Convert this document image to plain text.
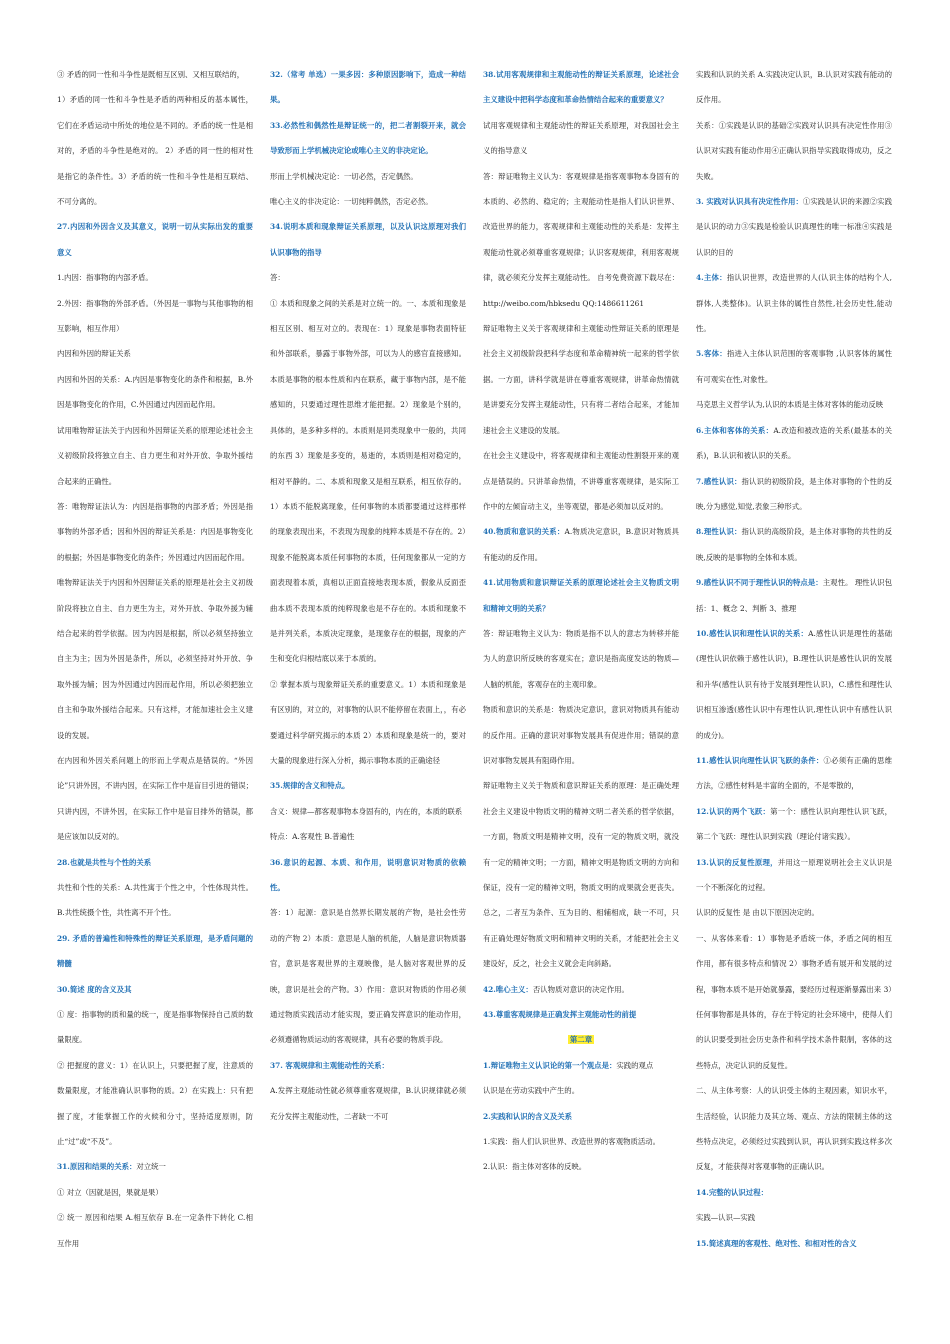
③ 矛盾的同一性和斗争性是既相互区别、又相互联结的，

1）矛盾的同一性和斗争性是矛盾的两种相反的基本属性，它们在矛盾运动中所处的地位是不同的。矛盾的统一性是相对的，矛盾的斗争性是绝对的。 2）矛盾的同一性的相对性是指它的条件性。3）矛盾的统一性和斗争性是相互联结、不可分离的。

27.内因和外因含义及其意义，说明一切从实际出发的重要意义

1.内因：指事物的内部矛盾。

2.外因：指事物的外部矛盾。（外因是一事物与其他事物的相互影响，相互作用）

内因和外因的辩证关系

内因和外因的关系：A.内因是事物变化的条件和根据，B.外因是事物变化的作用，C.外因通过内因而起作用。

试用唯物辩证法关于内因和外因辩证关系的原理论述社会主义初级阶段将独立自主、自力更生和对外开放、争取外援结合起来的正确性。

答：唯物辩证法认为：内因是指事物的内部矛盾；外因是指事物的外部矛盾；因和外因的辩证关系是：内因是事物变化的根据；外因是事物变化的条件；外因通过内因而起作用。

唯物辩证法关于内因和外因辩证关系的原理是社会主义初级阶段将独立自主、自力更生为主，对外开放、争取外援为辅结合起来的哲学依据。因为内因是根据，所以必须坚持独立自主为主；因为外因是条件，所以，必须坚持对外开放、争取外援为辅；因为外因通过内因而起作用，所以必须把独立自主和争取外援结合起来。只有这样，才能加速社会主义建设的发展。

在内因和外因关系问题上的形而上学观点是错误的。“外因论”只讲外因，不讲内因，在实际工作中是盲目引进的错误；只讲内因，不讲外因，在实际工作中是盲目排外的错误，都是应该加以反对的。

28.也就是共性与个性的关系

共性和个性的关系：A.共性寓于个性之中，个性体现共性。B.共性统摄个性，共性离不开个性。

29. 矛盾的普遍性和特殊性的辩证关系原理，是矛盾问题的精髓

30.简述 度的含义及其

① 度：指事物的质和量的统一，度是指事物保持自己质的数量限度。

② 把握度的意义：1）在认识上，只要把握了度，注意质的数量限度，才能准确认识事物的质。2）在实践上：只有把握了度，才能掌握工作的火候和分寸，坚持适度原则，防止“过”或“不及”。

31.原因和结果的关系：对立统一

① 对立（因就是因，果就是果）

② 统一 原因和结果 A.相互依存 B.在一定条件下转化 C.相互作用

32.（常考 单选）一果多因：多种原因影响下，造成一种结果。

33.必然性和偶然性是辩证统一的，把二者割裂开来，就会导致形而上学机械决定论或唯心主义的非决定论。

形而上学机械决定论：一切必然，否定偶然。

唯心主义的非决定论：一切纯粹偶然，否定必然。

34.说明本质和现象辩证关系原理，以及认识这原理对我们认识事物的指导

答：

① 本质和现象之间的关系是对立统一的。一、本质和现象是相互区别、相互对立的。表现在：1）现象是事物表面特征和外部联系，暴露于事物外部，可以为人的感官直接感知。本质是事物的根本性质和内在联系，藏于事物内部，是不能感知的，只要通过理性思维才能把握。2）现象是个别的，具体的，是多种多样的。本质则是同类现象中一般的，共同的东西 3）现象是多变的，易逝的，本质则是相对稳定的，相对平静的。二、本质和现象又是相互联系，相互依存的。1）本质不能脱离现象，任何事物的本质都要通过这样那样的现象表现出来，不表现为现象的纯粹本质是不存在的。2）现象不能脱离本质任何事物的本质，任何现象都从一定的方面表现着本质，真相以正面直接地表现本质，假象从反面歪曲本质不表现本质的纯粹现象也是不存在的。本质和现象不是并列关系，本质决定现象，是现象存在的根据，现象的产生和变化归根结底以来于本质的。

② 掌握本质与现象辩证关系的重要意义。1）本质和现象是有区别的，对立的，对事物的认识不能停留在表面上，，有必要通过科学研究揭示的本质 2）本质和现象是统一的，要对大量的现象进行深入分析，揭示事物本质的正确途径

35.规律的含义和特点。

含义：规律—都客观事物本身固有的，内在的，本质的联系

特点：A.客观性 B.普遍性

36.意识的起源、本质、和作用，说明意识对物质的依赖性。

答：1）起源：意识是自然界长期发展的产物，是社会性劳动的产物 2）本质：意思是人脑的机能，人脑是意识物质器官，意识是客观世界的主观映像，是人脑对客观世界的反映，意识是社会的产物。3）作用：意识对物质的作用必须通过物质实践活动才能实现，要正确发挥意识的能动作用，必须遵循物质运动的客观规律，具有必要的物质手段。

37. 客观规律和主观能动性的关系：

A.发挥主观能动性就必须尊重客观规律，B.认识规律就必须充分发挥主观能动性，二者缺一不可

38.试用客观规律和主观能动性的辩证关系原理，论述社会主义建设中把科学态度和革命热情结合起来的重要意义？

试用客观规律和主观能动性的辩证关系原理，对我国社会主义的指导意义

答：辩证唯物主义认为：客观规律是指客观事物本身固有的本质的、必然的、稳定的；主观能动性是指人们认识世界、改造世界的能力，客观规律和主观能动性的关系是：发挥主观能动性就必须尊重客观规律；认识客观规律，利用客观规律，就必须充分发挥主观能动性。 自考免费资源下载尽在：http://weibo.com/hbksedu QQ:1486611261

辩证唯物主义关于客观规律和主观能动性辩证关系的原理是社会主义初级阶段把科学态度和革命精神统一起来的哲学依据。一方面，讲科学就是讲在尊重客观规律，讲革命热情就是讲要充分发挥主观能动性，只有将二者结合起来，才能加速社会主义建设的发展。

在社会主义建设中，将客观规律和主观能动性割裂开来的观点是错误的。只讲革命热情，不讲尊重客观规律，是实际工作中的左倾盲动主义，坐等观望，都是必须加以反对的。

40.物质和意识的关系：A.物质决定意识，B.意识对物质具有能动的反作用。

41.试用物质和意识辩证关系的原理论述社会主义物质文明和精神文明的关系？

答：辩证唯物主义认为：物质是指不以人的意志为转移并能为人的意识所反映的客观实在；意识是指高度发达的物质—人脑的机能，客观存在的主观印象。

物质和意识的关系是：物质决定意识，意识对物质具有能动的反作用。正确的意识对事物发展具有促进作用；错误的意识对事物发展具有阻碍作用。

辩证唯物主义关于物质和意识辩证关系的原理：是正确处理社会主义建设中物质文明的精神文明二者关系的哲学依据，一方面，物质文明是精神文明，没有一定的物质文明，就没有一定的精神文明；一方面，精神文明是物质文明的方向和保证，没有一定的精神文明，物质文明的成果就会更丧失。总之，二者互为条件、互为目的、相辅相成，缺一不可，只有正确处理好物质文明和精神文明的关系，才能把社会主义建设好，反之，社会主义就会走向斜路。

42.唯心主义：否认物质对意识的决定作用。

43.尊重客观规律是正确发挥主观能动性的前提

第二章

1.辩证唯物主义认识论的第一个观点是：实践的观点

认识是在劳动实践中产生的。

2.实践和认识的含义及关系

1.实践：指人们认识世界、改造世界的客观物质活动。

2.认识：指主体对客体的反映。

实践和认识的关系 A.实践决定认识，B.认识对实践有能动的反作用。

关系：①实践是认识的基础②实践对认识具有决定性作用③认识对实践有能动作用④正确认识指导实践取得成功，反之失败。

3. 实践对认识具有决定性作用：①实践是认识的来源②实践是认识的动力③实践是检验认识真理性的唯一标准④实践是认识的目的

4.主体：指认识世界，改造世界的人(认识主体的结构个人,群体,人类整体)。认识主体的属性自然性,社会历史性,能动性。

5.客体：指进入主体认识范围的客观事物 ,认识客体的属性有可观实在性,对象性。

马克思主义哲学认为,认识的本质是主体对客体的能动反映

6.主体和客体的关系：A.改造和被改造的关系(最基本的关系)，B.认识和被认识的关系。

7.感性认识：指认识的初级阶段，是主体对事物的个性的反映,分为感觉,知觉,表象三种形式。

8.理性认识：指认识的高级阶段，是主体对事物的共性的反映,反映的是事物的全体和本质。

9.感性认识不同于理性认识的特点是：主观性。 理性认识包括：1、概念 2、判断 3、推理

10.感性认识和理性认识的关系：A.感性认识是理性的基础(理性认识依赖于感性认识)，B.理性认识是感性认识的发展和升华(感性认识有待于发展到理性认识)，C.感性和理性认识相互渗透(感性认识中有理性认识,理性认识中有感性认识的成分)。

11.感性认识向理性认识飞跃的条件：①必须有正确的思维方法，②感性材料是丰富的全面的，不是零散的，

12.认识的两个飞跃：第一个：感性认识向理性认识飞跃，第二个飞跃：理性认识到实践（理论付诸实践）。

13.认识的反复性原理，并用这一原理说明社会主义认识是一个不断深化的过程。

认识的反复性 是 由以下原因决定的。

一、从客体来看：1）事物是矛盾统一体，矛盾之间的相互作用，都有很多特点和情况 2）事物矛盾有展开和发展的过程，事物本质不是开始就暴露，要经历过程逐渐暴露出来 3）任何事物都是具体的，存在于特定的社会环境中，使得人们的认识要受到社会历史条件和科学技术条件限制，客体的这些特点，决定认识的反复性。

二、从主体考察：人的认识受主体的主观因素，知识水平，生活经验，认识能力及其立场、观点、方法的限制主体的这些特点决定，必须经过实践到认识，再认识到实践这样多次反复，才能获得对客观事物的正确认识。

14.完整的认识过程：

实践—认识—实践

15.简述真理的客观性、绝对性、和相对性的含义
